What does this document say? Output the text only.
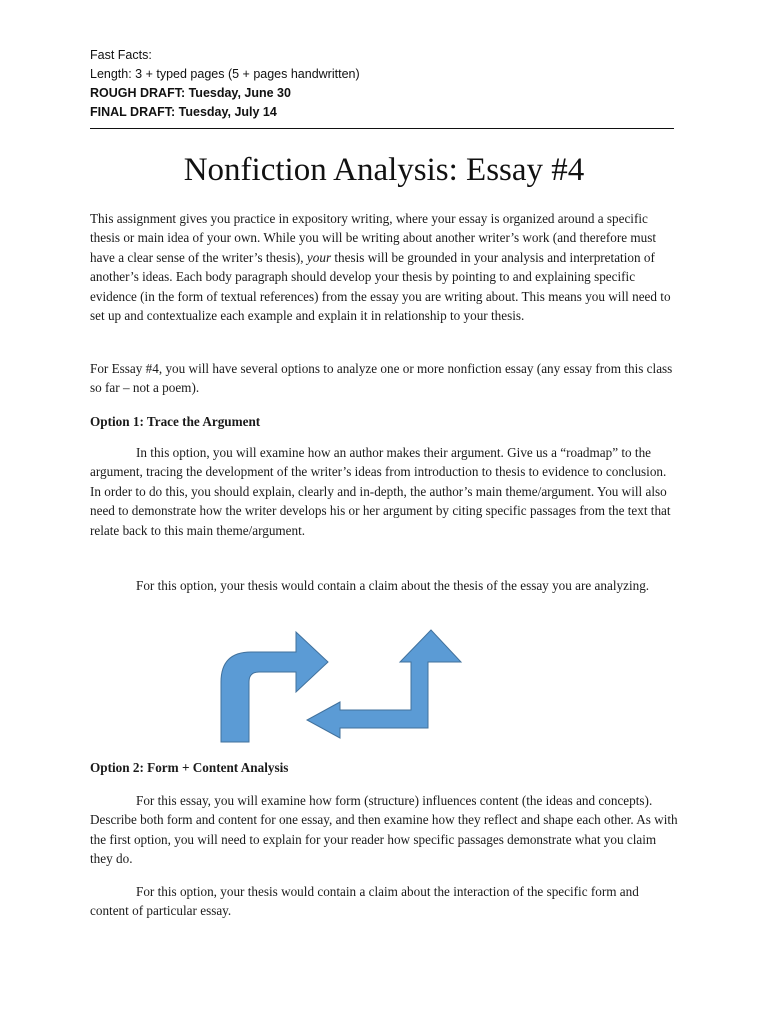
Fast Facts:
Length: 3 + typed pages (5 + pages handwritten)
ROUGH DRAFT: Tuesday, June 30
FINAL DRAFT: Tuesday, July 14
Nonfiction Analysis: Essay #4

This assignment gives you practice in expository writing, where your essay is organized around a specific thesis or main idea of your own. While you will be writing about another writer’s work (and therefore must have a clear sense of the writer’s thesis), your thesis will be grounded in your analysis and interpretation of another’s ideas. Each body paragraph should develop your thesis by pointing to and explaining specific evidence (in the form of textual references) from the essay you are writing about. This means you will need to set up and contextualize each example and explain it in relationship to your thesis.

For Essay #4, you will have several options to analyze one or more nonfiction essay (any essay from this class so far – not a poem).

Option 1: Trace the Argument

In this option, you will examine how an author makes their argument. Give us a “roadmap” to the argument, tracing the development of the writer’s ideas from introduction to thesis to evidence to conclusion. In order to do this, you should explain, clearly and in-depth, the author’s main theme/argument. You will also need to demonstrate how the writer develops his or her argument by citing specific passages from the text that relate back to this main theme/argument.

For this option, your thesis would contain a claim about the thesis of the essay you are analyzing.

Option 2: Form + Content Analysis

For this essay, you will examine how form (structure) influences content (the ideas and concepts). Describe both form and content for one essay, and then examine how they reflect and shape each other. As with the first option, you will need to explain for your reader how specific passages demonstrate what you claim they do.

For this option, your thesis would contain a claim about the interaction of the specific form and content of particular essay.
